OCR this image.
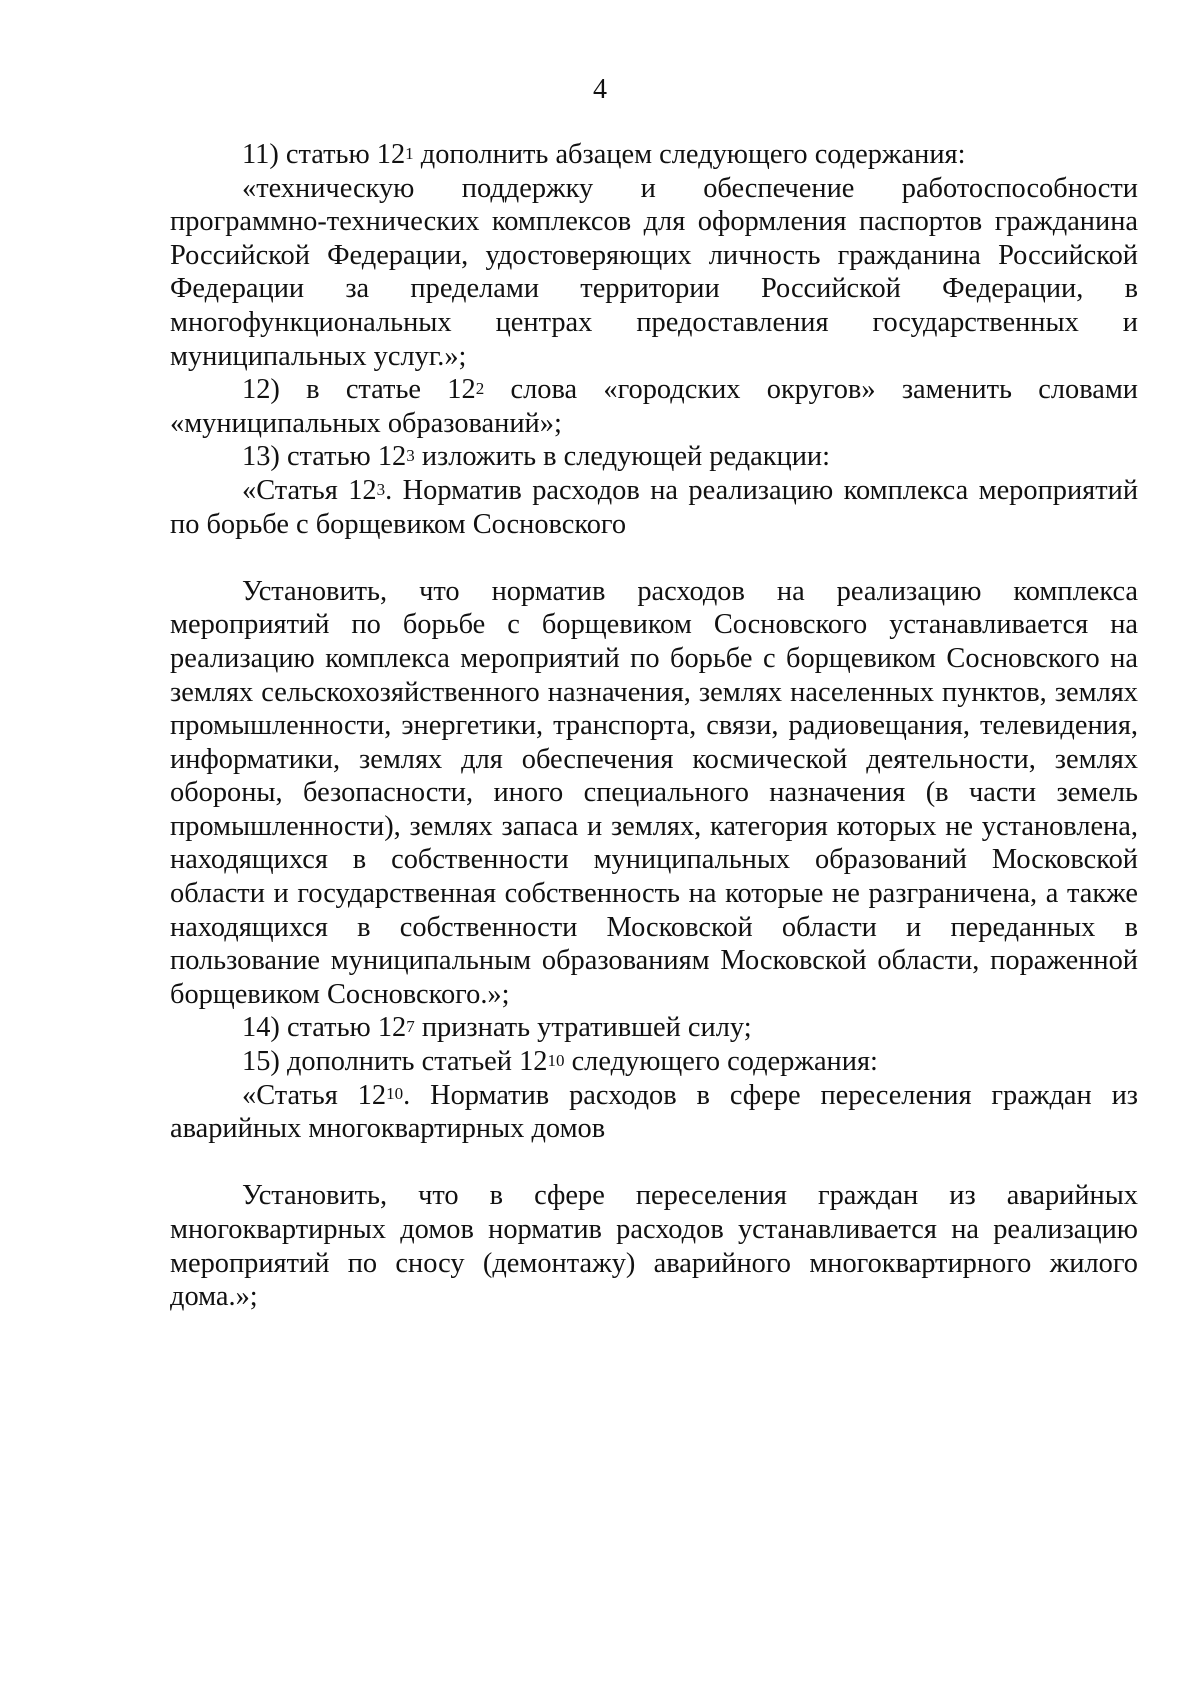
4

11) статью $12^1$ дополнить абзацем следующего содержания:

«техническую поддержку и обеспечение работоспособности программно-технических комплексов для оформления паспортов гражданина Российской Федерации, удостоверяющих личность гражданина Российской Федерации за пределами территории Российской Федерации, в многофункциональных центрах предоставления государственных и муниципальных услуг.»;

12) в статье $12^2$ слова «городских округов» заменить словами «муниципальных образований»;

13) статью $12^3$ изложить в следующей редакции:

«Статья $12^3$. Норматив расходов на реализацию комплекса мероприятий по борьбе с борщевиком Сосновского

Установить, что норматив расходов на реализацию комплекса мероприятий по борьбе с борщевиком Сосновского устанавливается на реализацию комплекса мероприятий по борьбе с борщевиком Сосновского на землях сельскохозяйственного назначения, землях населенных пунктов, землях промышленности, энергетики, транспорта, связи, радиовещания, телевидения, информатики, землях для обеспечения космической деятельности, землях обороны, безопасности, иного специального назначения (в части земель промышленности), землях запаса и землях, категория которых не установлена, находящихся в собственности муниципальных образований Московской области и государственная собственность на которые не разграничена, а также находящихся в собственности Московской области и переданных в пользование муниципальным образованиям Московской области, пораженной борщевиком Сосновского.»;

14) статью $12^7$ признать утратившей силу;

15) дополнить статьей $12^{10}$ следующего содержания:

«Статья $12^{10}$. Норматив расходов в сфере переселения граждан из аварийных многоквартирных домов

Установить, что в сфере переселения граждан из аварийных многоквартирных домов норматив расходов устанавливается на реализацию мероприятий по сносу (демонтажу) аварийного многоквартирного жилого дома.»;
